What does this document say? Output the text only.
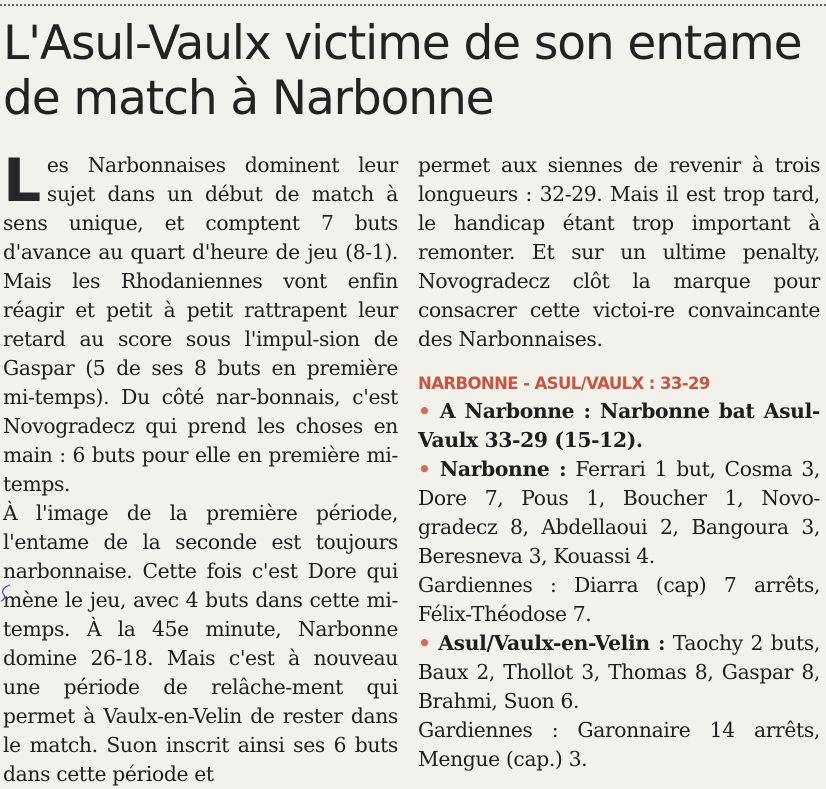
L'Asul-Vaulx victime de son entame de match à Narbonne

Les Narbonnaises dominent leur sujet dans un début de match à sens unique, et comptent 7 buts d'avance au quart d'heure de jeu (8-1). Mais les Rhodaniennes vont enfin réagir et petit à petit rattrapent leur retard au score sous l'impul-sion de Gaspar (5 de ses 8 buts en première mi-temps). Du côté nar-bonnais, c'est Novogradecz qui prend les choses en main : 6 buts pour elle en première mi-temps.

À l'image de la première période, l'entame de la seconde est toujours narbonnaise. Cette fois c'est Dore qui mène le jeu, avec 4 buts dans cette mi-temps. À la 45e minute, Narbonne domine 26-18. Mais c'est à nouveau une période de relâche-ment qui permet à Vaulx-en-Velin de rester dans le match. Suon inscrit ainsi ses 6 buts dans cette période et

permet aux siennes de revenir à trois longueurs : 32-29. Mais il est trop tard, le handicap étant trop important à remonter. Et sur un ultime penalty, Novogradecz clôt la marque pour consacrer cette victoi-re convaincante des Narbonnaises.

NARBONNE - ASUL/VAULX : 33-29

• A Narbonne : Narbonne bat Asul-Vaulx 33-29 (15-12).

• Narbonne : Ferrari 1 but, Cosma 3, Dore 7, Pous 1, Boucher 1, Novo-gradecz 8, Abdellaoui 2, Bangoura 3, Beresneva 3, Kouassi 4.

Gardiennes : Diarra (cap) 7 arrêts, Félix-Théodose 7.

• Asul/Vaulx-en-Velin : Taochy 2 buts, Baux 2, Thollot 3, Thomas 8, Gaspar 8, Brahmi, Suon 6.

Gardiennes : Garonnaire 14 arrêts, Mengue (cap.) 3.
